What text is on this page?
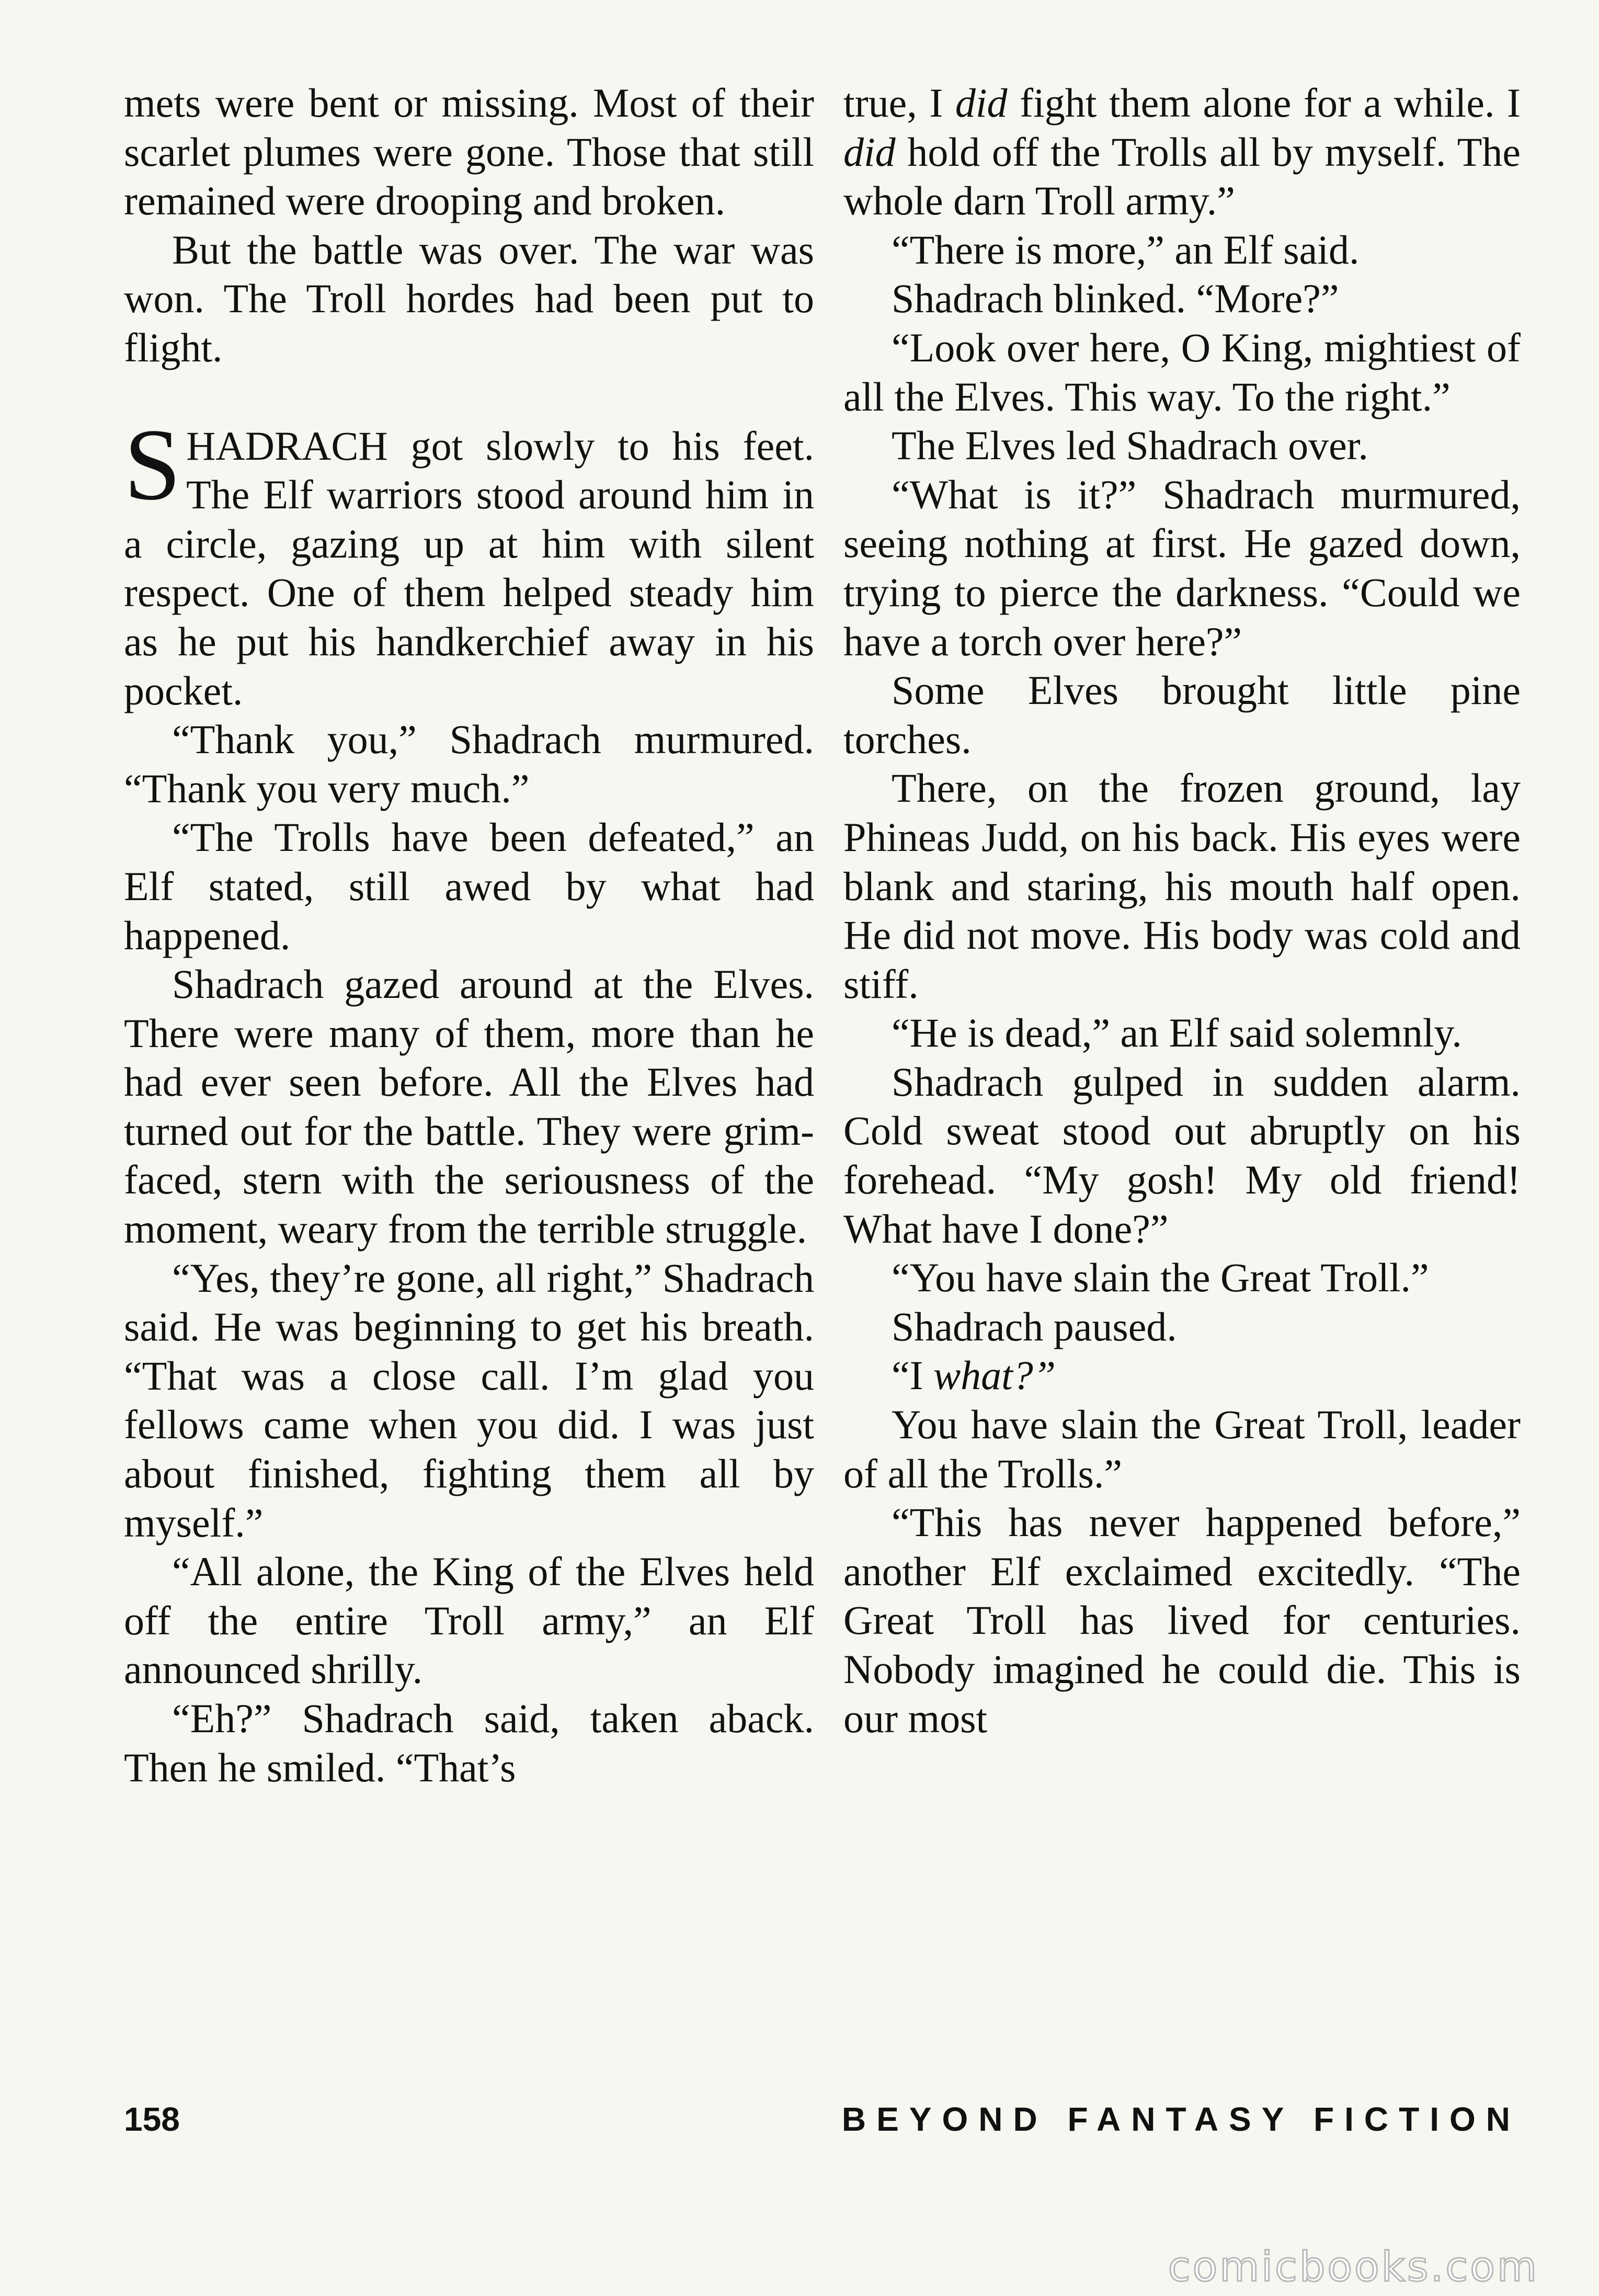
mets were bent or missing. Most of their scarlet plumes were gone. Those that still remained were drooping and broken.

But the battle was over. The war was won. The Troll hordes had been put to flight.

SHADRACH got slowly to his feet. The Elf warriors stood around him in a circle, gazing up at him with silent respect. One of them helped steady him as he put his handkerchief away in his pocket.

“Thank you,” Shadrach murmured. “Thank you very much.”

“The Trolls have been defeated,” an Elf stated, still awed by what had happened.

Shadrach gazed around at the Elves. There were many of them, more than he had ever seen before. All the Elves had turned out for the battle. They were grim-faced, stern with the seriousness of the moment, weary from the terrible struggle.

“Yes, they’re gone, all right,” Shadrach said. He was beginning to get his breath. “That was a close call. I’m glad you fellows came when you did. I was just about finished, fighting them all by myself.”

“All alone, the King of the Elves held off the entire Troll army,” an Elf announced shrilly.

“Eh?” Shadrach said, taken aback. Then he smiled. “That’s

true, I did fight them alone for a while. I did hold off the Trolls all by myself. The whole darn Troll army.”

“There is more,” an Elf said.

Shadrach blinked. “More?”

“Look over here, O King, mightiest of all the Elves. This way. To the right.”

The Elves led Shadrach over.

“What is it?” Shadrach murmured, seeing nothing at first. He gazed down, trying to pierce the darkness. “Could we have a torch over here?”

Some Elves brought little pine torches.

There, on the frozen ground, lay Phineas Judd, on his back. His eyes were blank and staring, his mouth half open. He did not move. His body was cold and stiff.

“He is dead,” an Elf said solemnly.

Shadrach gulped in sudden alarm. Cold sweat stood out abruptly on his forehead. “My gosh! My old friend! What have I done?”

“You have slain the Great Troll.”

Shadrach paused.

“I what?”

You have slain the Great Troll, leader of all the Trolls.”

“This has never happened before,” another Elf exclaimed excitedly. “The Great Troll has lived for centuries. Nobody imagined he could die. This is our most

158	BEYOND FANTASY FICTION
comicbooks.com
